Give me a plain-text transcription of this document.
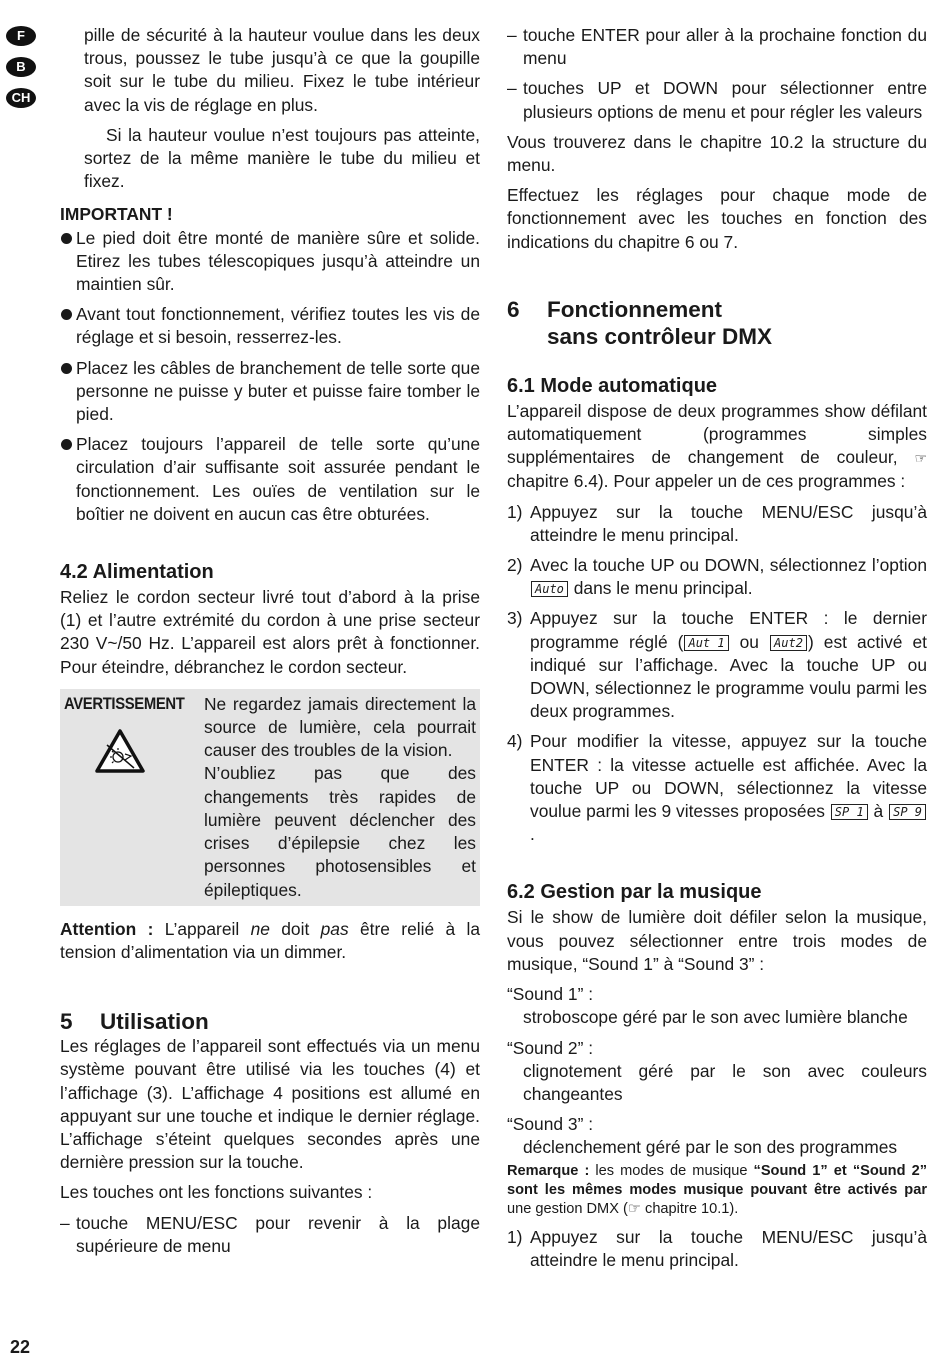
F
B
CH

pille de sécurité à la hauteur voulue dans les deux trous, poussez le tube jusqu’à ce que la goupille soit sur le tube du milieu. Fixez le tube intérieur avec la vis de réglage en plus.

Si la hauteur voulue n’est toujours pas atteinte, sortez de la même manière le tube du milieu et fixez.

IMPORTANT !

Le pied doit être monté de manière sûre et solide. Etirez les tubes télescopiques jusqu’à atteindre un maintien sûr.
Avant tout fonctionnement, vérifiez toutes les vis de réglage et si besoin, resserrez-les.
Placez les câbles de branchement de telle sorte que personne ne puisse y buter et puisse faire tomber le pied.
Placez toujours l’appareil de telle sorte qu’une circulation d’air suffisante soit assurée pendant le fonctionnement. Les ouïes de ventilation sur le boîtier ne doivent en aucun cas être obturées.
4.2 Alimentation

Reliez le cordon secteur livré tout d’abord à la prise (1) et l’autre extrémité du cordon à une prise secteur 230 V~/50 Hz. L’appareil est alors prêt à fonctionner. Pour éteindre, débranchez le cordon secteur.

AVERTISSEMENT	Ne regardez jamais directement la source de lumière, cela pourrait causer des troubles de la vision.
N’oubliez pas que des changements très rapides de lumière peuvent déclencher des crises d’épilepsie chez les personnes photosensibles et épileptiques.

Attention : L’appareil ne doit pas être relié à la tension d’alimentation via un dimmer.

5	Utilisation

Les réglages de l’appareil sont effectués via un menu système pouvant être utilisé via les touches (4) et l’affichage (3). L’affichage 4 positions est allumé en appuyant sur une touche et indique le dernier réglage. L’affichage s’éteint quelques secondes après une dernière pression sur la touche.

Les touches ont les fonctions suivantes :

– touche MENU/ESC pour revenir à la plage supérieure de menu
– touche ENTER pour aller à la prochaine fonction du menu
– touches UP et DOWN pour sélectionner entre plusieurs options de menu et pour régler les valeurs

Vous trouverez dans le chapitre 10.2 la structure du menu.

Effectuez les réglages pour chaque mode de fonctionnement avec les touches en fonction des indications du chapitre 6 ou 7.

6	Fonctionnement
sans contrôleur DMX
6.1 Mode automatique

L’appareil dispose de deux programmes show défilant automatiquement (programmes simples supplémentaires de changement de couleur, ☞ chapitre 6.4). Pour appeler un de ces programmes :

1) Appuyez sur la touche MENU/ESC jusqu’à atteindre le menu principal.
2) Avec la touche UP ou DOWN, sélectionnez l’option Auto dans le menu principal.
3) Appuyez sur la touche ENTER : le dernier programme réglé ( Aut 1 ou Aut2 ) est activé et indiqué sur l’affichage. Avec la touche UP ou DOWN, sélectionnez le programme voulu parmi les deux programmes.
4) Pour modifier la vitesse, appuyez sur la touche ENTER : la vitesse actuelle est affichée. Avec la touche UP ou DOWN, sélectionnez la vitesse voulue parmi les 9 vitesses proposées SP 1 à SP 9.
6.2 Gestion par la musique

Si le show de lumière doit défiler selon la musique, vous pouvez sélectionner entre trois modes de musique, “Sound 1” à “Sound 3” :

“Sound 1” :

stroboscope géré par le son avec lumière blanche

“Sound 2” :

clignotement géré par le son avec couleurs changeantes

“Sound 3” :

déclenchement géré par le son des programmes

Remarque : les modes de musique “Sound 1” et “Sound 2” sont les mêmes modes musique pouvant être activés par une gestion DMX (☞ chapitre 10.1).

1) Appuyez sur la touche MENU/ESC jusqu’à atteindre le menu principal.
22
